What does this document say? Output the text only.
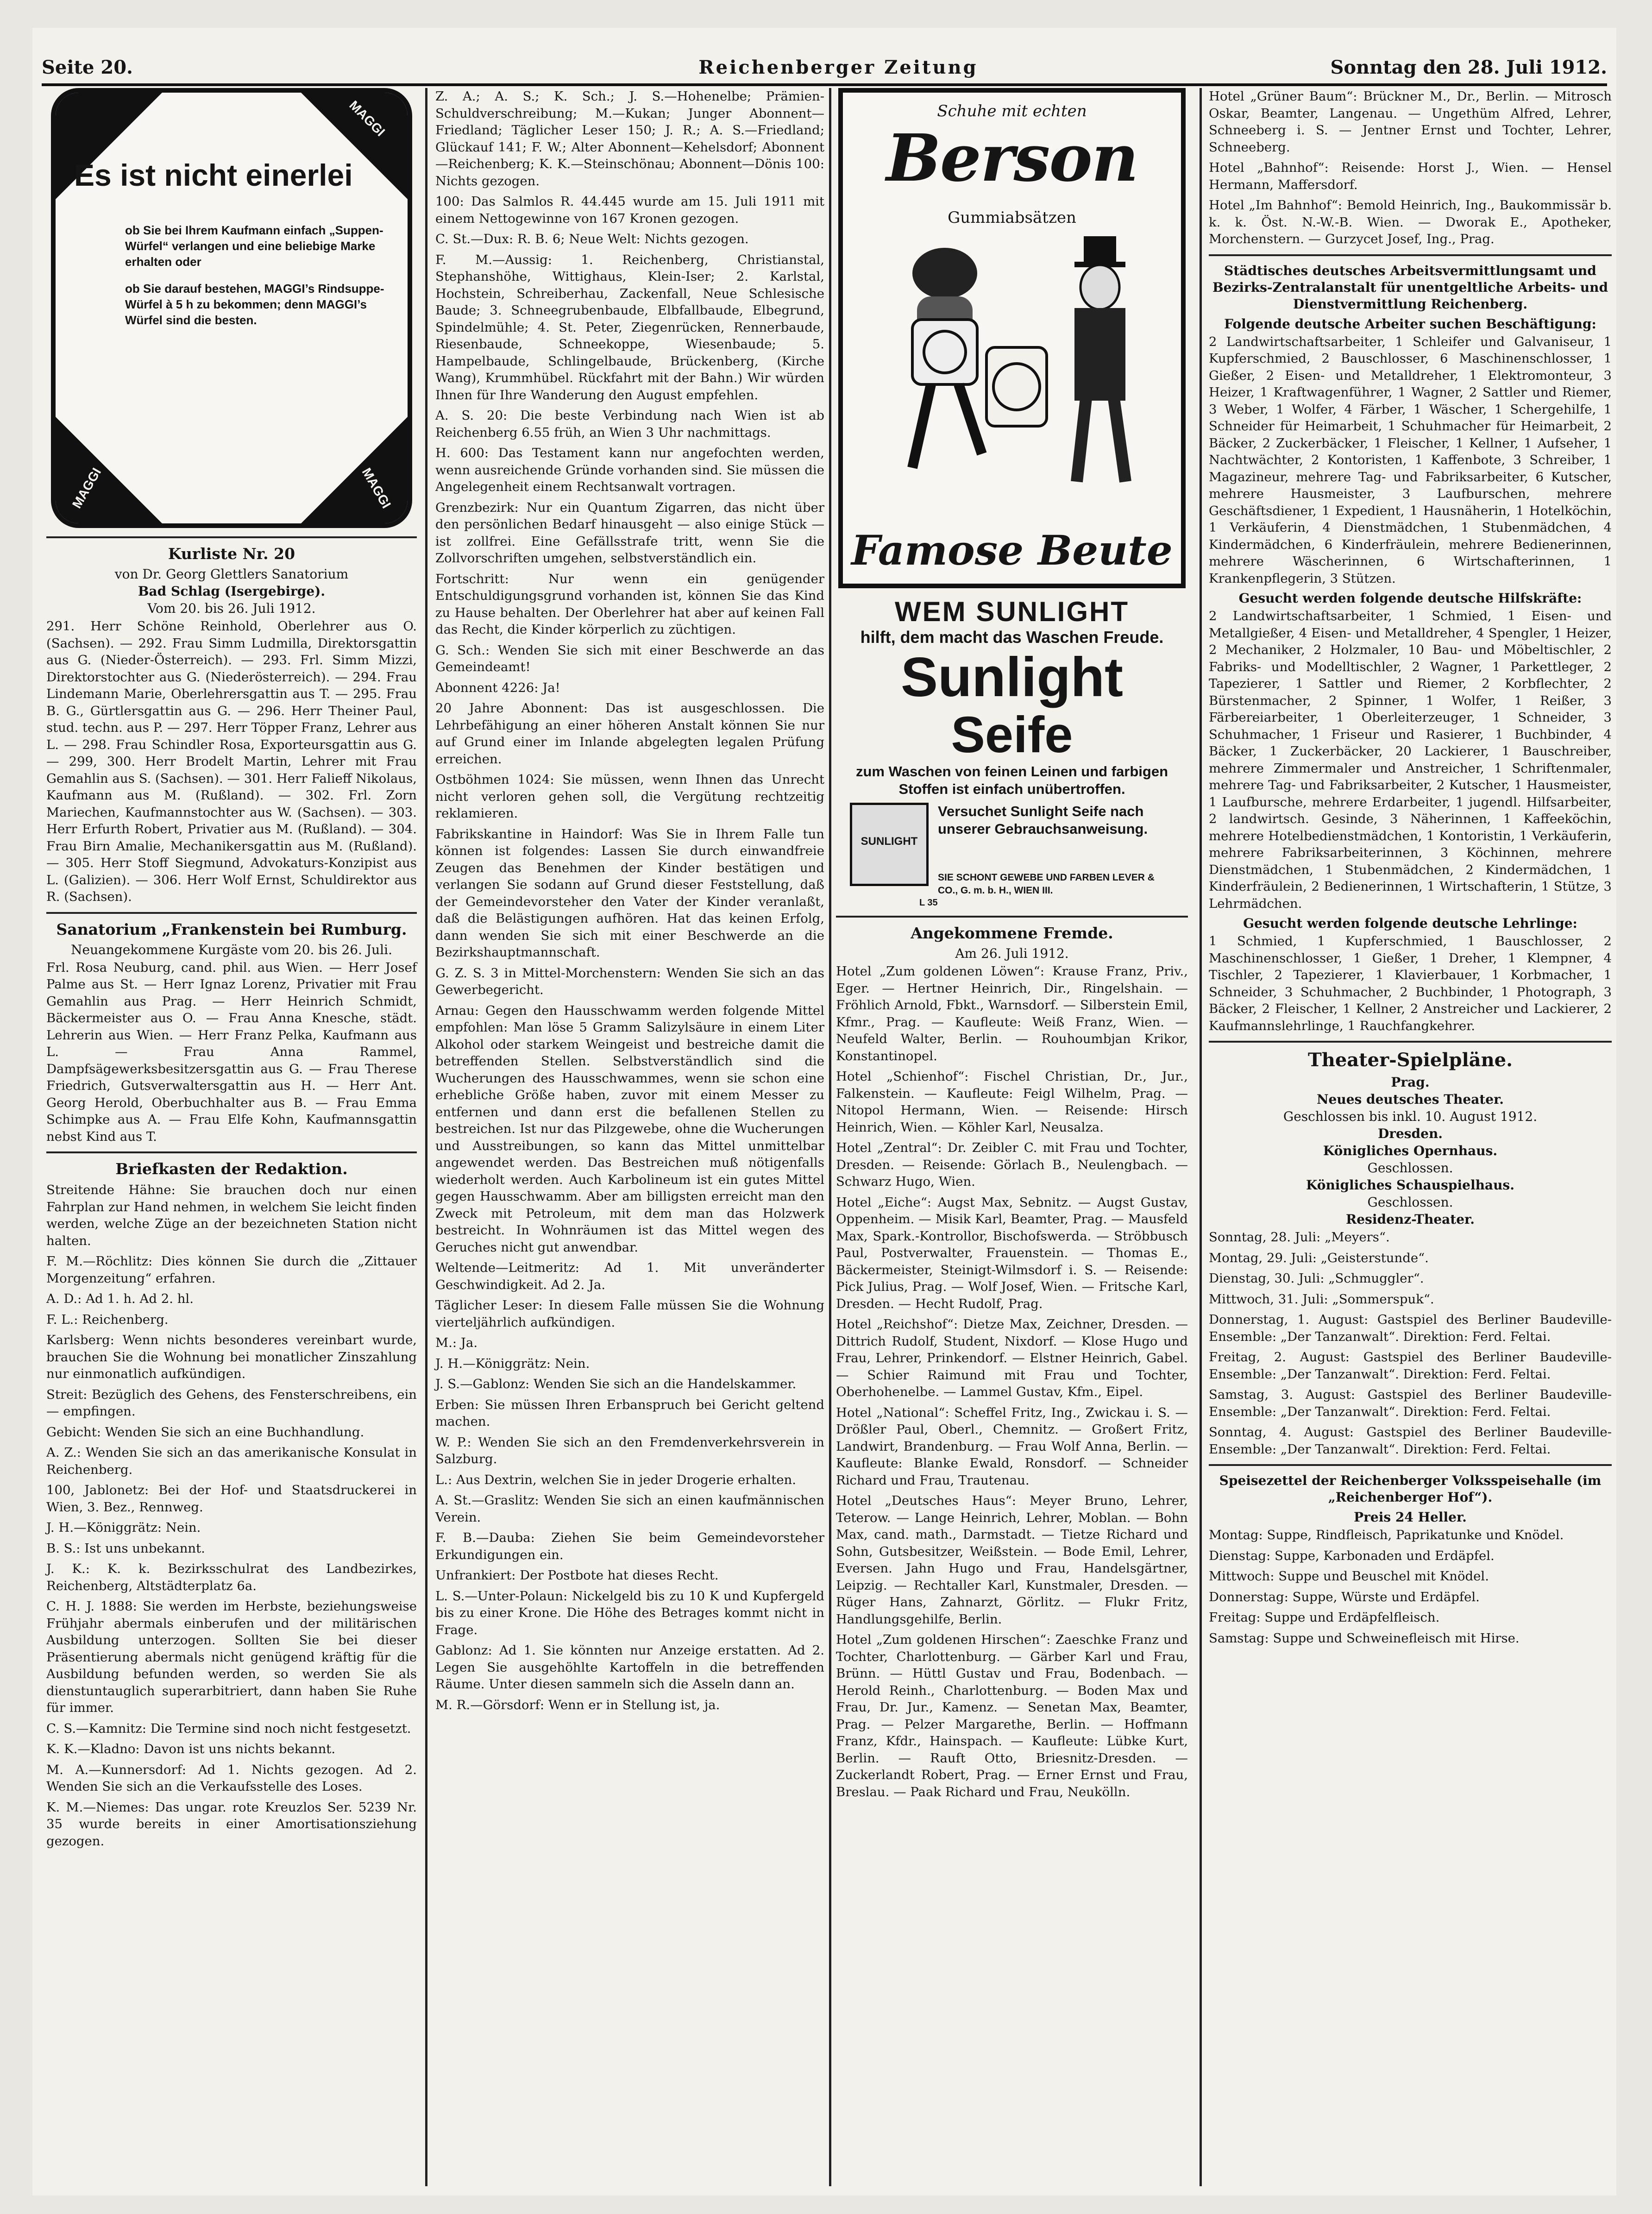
Seite 20.	Reichenberger Zeitung	Sonntag den 28. Juli 1912.
MAGGI
MAGGI	MAGGI
Es ist nicht einerlei
ob Sie bei Ihrem Kaufmann einfach „Suppen-Würfel“ verlangen und eine beliebige Marke erhalten oder
ob Sie darauf bestehen, MAGGI’s Rindsuppe-Würfel à 5 h zu bekommen; denn MAGGI’s Würfel sind die besten.
Kurliste Nr. 20
von Dr. Georg Glettlers Sanatorium
Bad Schlag (Isergebirge).
Vom 20. bis 26. Juli 1912.

291. Herr Schöne Reinhold, Oberlehrer aus O. (Sachsen). — 292. Frau Simm Ludmilla, Direktorsgattin aus G. (Nieder-Österreich). — 293. Frl. Simm Mizzi, Direktorstochter aus G. (Niederösterreich). — 294. Frau Lindemann Marie, Oberlehrersgattin aus T. — 295. Frau B. G., Gürtlersgattin aus G. — 296. Herr Theiner Paul, stud. techn. aus P. — 297. Herr Töpper Franz, Lehrer aus L. — 298. Frau Schindler Rosa, Exporteursgattin aus G. — 299, 300. Herr Brodelt Martin, Lehrer mit Frau Gemahlin aus S. (Sachsen). — 301. Herr Falieff Nikolaus, Kaufmann aus M. (Rußland). — 302. Frl. Zorn Mariechen, Kaufmannstochter aus W. (Sachsen). — 303. Herr Erfurth Robert, Privatier aus M. (Rußland). — 304. Frau Birn Amalie, Mechanikersgattin aus M. (Rußland). — 305. Herr Stoff Siegmund, Advokaturs-Konzipist aus L. (Galizien). — 306. Herr Wolf Ernst, Schuldirektor aus R. (Sachsen).

Sanatorium „Frankenstein bei Rumburg.
Neuangekommene Kurgäste vom 20. bis 26. Juli.

Frl. Rosa Neuburg, cand. phil. aus Wien. — Herr Josef Palme aus St. — Herr Ignaz Lorenz, Privatier mit Frau Gemahlin aus Prag. — Herr Heinrich Schmidt, Bäckermeister aus O. — Frau Anna Knesche, städt. Lehrerin aus Wien. — Herr Franz Pelka, Kaufmann aus L. — Frau Anna Rammel, Dampfsägewerksbesitzersgattin aus G. — Frau Therese Friedrich, Gutsverwaltersgattin aus H. — Herr Ant. Georg Herold, Oberbuchhalter aus B. — Frau Emma Schimpke aus A. — Frau Elfe Kohn, Kaufmannsgattin nebst Kind aus T.

Briefkasten der Redaktion.

Streitende Hähne: Sie brauchen doch nur einen Fahrplan zur Hand nehmen, in welchem Sie leicht finden werden, welche Züge an der bezeichneten Station nicht halten.

F. M.—Röchlitz: Dies können Sie durch die „Zittauer Morgenzeitung“ erfahren.

A. D.: Ad 1. h. Ad 2. hl.

F. L.: Reichenberg.

Karlsberg: Wenn nichts besonderes vereinbart wurde, brauchen Sie die Wohnung bei monatlicher Zinszahlung nur einmonatlich aufkündigen.

Streit: Bezüglich des Gehens, des Fensterschreibens, ein — empfingen.

Gebicht: Wenden Sie sich an eine Buchhandlung.

A. Z.: Wenden Sie sich an das amerikanische Konsulat in Reichenberg.

100, Jablonetz: Bei der Hof- und Staatsdruckerei in Wien, 3. Bez., Rennweg.

J. H.—Königgrätz: Nein.

B. S.: Ist uns unbekannt.

J. K.: K. k. Bezirksschulrat des Landbezirkes, Reichenberg, Altstädterplatz 6a.

C. H. J. 1888: Sie werden im Herbste, beziehungsweise Frühjahr abermals einberufen und der militärischen Ausbildung unterzogen. Sollten Sie bei dieser Präsentierung abermals nicht genügend kräftig für die Ausbildung befunden werden, so werden Sie als dienstuntauglich superarbitriert, dann haben Sie Ruhe für immer.

C. S.—Kamnitz: Die Termine sind noch nicht festgesetzt.

K. K.—Kladno: Davon ist uns nichts bekannt.

M. A.—Kunnersdorf: Ad 1. Nichts gezogen. Ad 2. Wenden Sie sich an die Verkaufsstelle des Loses.

K. M.—Niemes: Das ungar. rote Kreuzlos Ser. 5239 Nr. 35 wurde bereits in einer Amortisationsziehung gezogen.

Z. A.; A. S.; K. Sch.; J. S.—Hohenelbe; Prämien-Schuldverschreibung; M.—Kukan; Junger Abonnent—Friedland; Täglicher Leser 150; J. R.; A. S.—Friedland; Glückauf 141; F. W.; Alter Abonnent—Kehelsdorf; Abonnent—Reichenberg; K. K.—Steinschönau; Abonnent—Dönis 100: Nichts gezogen.

100: Das Salmlos R. 44.445 wurde am 15. Juli 1911 mit einem Nettogewinne von 167 Kronen gezogen.

C. St.—Dux: R. B. 6; Neue Welt: Nichts gezogen.

F. M.—Aussig: 1. Reichenberg, Christianstal, Stephanshöhe, Wittighaus, Klein-Iser; 2. Karlstal, Hochstein, Schreiberhau, Zackenfall, Neue Schlesische Baude; 3. Schneegrubenbaude, Elbfallbaude, Elbegrund, Spindelmühle; 4. St. Peter, Ziegenrücken, Rennerbaude, Riesenbaude, Schneekoppe, Wiesenbaude; 5. Hampelbaude, Schlingelbaude, Brückenberg, (Kirche Wang), Krummhübel. Rückfahrt mit der Bahn.) Wir würden Ihnen für Ihre Wanderung den August empfehlen.

A. S. 20: Die beste Verbindung nach Wien ist ab Reichenberg 6.55 früh, an Wien 3 Uhr nachmittags.

H. 600: Das Testament kann nur angefochten werden, wenn ausreichende Gründe vorhanden sind. Sie müssen die Angelegenheit einem Rechtsanwalt vortragen.

Grenzbezirk: Nur ein Quantum Zigarren, das nicht über den persönlichen Bedarf hinausgeht — also einige Stück — ist zollfrei. Eine Gefällsstrafe tritt, wenn Sie die Zollvorschriften umgehen, selbstverständlich ein.

Fortschritt: Nur wenn ein genügender Entschuldigungsgrund vorhanden ist, können Sie das Kind zu Hause behalten. Der Oberlehrer hat aber auf keinen Fall das Recht, die Kinder körperlich zu züchtigen.

G. Sch.: Wenden Sie sich mit einer Beschwerde an das Gemeindeamt!

Abonnent 4226: Ja!

20 Jahre Abonnent: Das ist ausgeschlossen. Die Lehrbefähigung an einer höheren Anstalt können Sie nur auf Grund einer im Inlande abgelegten legalen Prüfung erreichen.

Ostböhmen 1024: Sie müssen, wenn Ihnen das Unrecht nicht verloren gehen soll, die Vergütung rechtzeitig reklamieren.

Fabrikskantine in Haindorf: Was Sie in Ihrem Falle tun können ist folgendes: Lassen Sie durch einwandfreie Zeugen das Benehmen der Kinder bestätigen und verlangen Sie sodann auf Grund dieser Feststellung, daß der Gemeindevorsteher den Vater der Kinder veranlaßt, daß die Belästigungen aufhören. Hat das keinen Erfolg, dann wenden Sie sich mit einer Beschwerde an die Bezirkshauptmannschaft.

G. Z. S. 3 in Mittel-Morchenstern: Wenden Sie sich an das Gewerbegericht.

Arnau: Gegen den Hausschwamm werden folgende Mittel empfohlen: Man löse 5 Gramm Salizylsäure in einem Liter Alkohol oder starkem Weingeist und bestreiche damit die betreffenden Stellen. Selbstverständlich sind die Wucherungen des Hausschwammes, wenn sie schon eine erhebliche Größe haben, zuvor mit einem Messer zu entfernen und dann erst die befallenen Stellen zu bestreichen. Ist nur das Pilzgewebe, ohne die Wucherungen und Ausstreibungen, so kann das Mittel unmittelbar angewendet werden. Das Bestreichen muß nötigenfalls wiederholt werden. Auch Karbolineum ist ein gutes Mittel gegen Hausschwamm. Aber am billigsten erreicht man den Zweck mit Petroleum, mit dem man das Holzwerk bestreicht. In Wohnräumen ist das Mittel wegen des Geruches nicht gut anwendbar.

Weltende—Leitmeritz: Ad 1. Mit unveränderter Geschwindigkeit. Ad 2. Ja.

Täglicher Leser: In diesem Falle müssen Sie die Wohnung vierteljährlich aufkündigen.

M.: Ja.

J. H.—Königgrätz: Nein.

J. S.—Gablonz: Wenden Sie sich an die Handelskammer.

Erben: Sie müssen Ihren Erbanspruch bei Gericht geltend machen.

W. P.: Wenden Sie sich an den Fremdenverkehrsverein in Salzburg.

L.: Aus Dextrin, welchen Sie in jeder Drogerie erhalten.

A. St.—Graslitz: Wenden Sie sich an einen kaufmännischen Verein.

F. B.—Dauba: Ziehen Sie beim Gemeindevorsteher Erkundigungen ein.

Unfrankiert: Der Postbote hat dieses Recht.

L. S.—Unter-Polaun: Nickelgeld bis zu 10 K und Kupfergeld bis zu einer Krone. Die Höhe des Betrages kommt nicht in Frage.

Gablonz: Ad 1. Sie könnten nur Anzeige erstatten. Ad 2. Legen Sie ausgehöhlte Kartoffeln in die betreffenden Räume. Unter diesen sammeln sich die Asseln dann an.

M. R.—Görsdorf: Wenn er in Stellung ist, ja.

Schuhe mit echten
Berson
Gummiabsätzen
Famose Beute
WEM SUNLIGHT
hilft, dem macht das Waschen Freude.
Sunlight
Seife
zum Waschen von feinen Leinen und farbigen Stoffen ist einfach unübertroffen.
SUNLIGHT
Versuchet Sunlight Seife nach unserer Gebrauchsanweisung.
SIE SCHONT GEWEBE UND FARBEN LEVER & CO., G. m. b. H., WIEN III.
L 35
Angekommene Fremde.
Am 26. Juli 1912.

Hotel „Zum goldenen Löwen“: Krause Franz, Priv., Eger. — Hertner Heinrich, Dir., Ringelshain. — Fröhlich Arnold, Fbkt., Warnsdorf. — Silberstein Emil, Kfmr., Prag. — Kaufleute: Weiß Franz, Wien. — Neufeld Walter, Berlin. — Rouhoumbjan Krikor, Konstantinopel.

Hotel „Schienhof“: Fischel Christian, Dr., Jur., Falkenstein. — Kaufleute: Feigl Wilhelm, Prag. — Nitopol Hermann, Wien. — Reisende: Hirsch Heinrich, Wien. — Köhler Karl, Neusalza.

Hotel „Zentral“: Dr. Zeibler C. mit Frau und Tochter, Dresden. — Reisende: Görlach B., Neulengbach. — Schwarz Hugo, Wien.

Hotel „Eiche“: Augst Max, Sebnitz. — Augst Gustav, Oppenheim. — Misik Karl, Beamter, Prag. — Mausfeld Max, Spark.-Kontrollor, Bischofswerda. — Ströbbusch Paul, Postverwalter, Frauenstein. — Thomas E., Bäckermeister, Steinigt-Wilmsdorf i. S. — Reisende: Pick Julius, Prag. — Wolf Josef, Wien. — Fritsche Karl, Dresden. — Hecht Rudolf, Prag.

Hotel „Reichshof“: Dietze Max, Zeichner, Dresden. — Dittrich Rudolf, Student, Nixdorf. — Klose Hugo und Frau, Lehrer, Prinkendorf. — Elstner Heinrich, Gabel. — Schier Raimund mit Frau und Tochter, Oberhohenelbe. — Lammel Gustav, Kfm., Eipel.

Hotel „National“: Scheffel Fritz, Ing., Zwickau i. S. — Drößler Paul, Oberl., Chemnitz. — Großert Fritz, Landwirt, Brandenburg. — Frau Wolf Anna, Berlin. — Kaufleute: Blanke Ewald, Ronsdorf. — Schneider Richard und Frau, Trautenau.

Hotel „Deutsches Haus“: Meyer Bruno, Lehrer, Teterow. — Lange Heinrich, Lehrer, Moblan. — Bohn Max, cand. math., Darmstadt. — Tietze Richard und Sohn, Gutsbesitzer, Weißstein. — Bode Emil, Lehrer, Eversen. Jahn Hugo und Frau, Handelsgärtner, Leipzig. — Rechtaller Karl, Kunstmaler, Dresden. — Rüger Hans, Zahnarzt, Görlitz. — Flukr Fritz, Handlungsgehilfe, Berlin.

Hotel „Zum goldenen Hirschen“: Zaeschke Franz und Tochter, Charlottenburg. — Gärber Karl und Frau, Brünn. — Hüttl Gustav und Frau, Bodenbach. — Herold Reinh., Charlottenburg. — Boden Max und Frau, Dr. Jur., Kamenz. — Senetan Max, Beamter, Prag. — Pelzer Margarethe, Berlin. — Hoffmann Franz, Kfdr., Hainspach. — Kaufleute: Lübke Kurt, Berlin. — Rauft Otto, Briesnitz-Dresden. — Zuckerlandt Robert, Prag. — Erner Ernst und Frau, Breslau. — Paak Richard und Frau, Neukölln.

Hotel „Grüner Baum“: Brückner M., Dr., Berlin. — Mitrosch Oskar, Beamter, Langenau. — Ungethüm Alfred, Lehrer, Schneeberg i. S. — Jentner Ernst und Tochter, Lehrer, Schneeberg.

Hotel „Bahnhof“: Reisende: Horst J., Wien. — Hensel Hermann, Maffersdorf.

Hotel „Im Bahnhof“: Bemold Heinrich, Ing., Baukommissär b. k. k. Öst. N.-W.-B. Wien. — Dworak E., Apotheker, Morchenstern. — Gurzycet Josef, Ing., Prag.

Städtisches deutsches Arbeitsvermittlungsamt und Bezirks-Zentralanstalt für unentgeltliche Arbeits- und Dienstvermittlung Reichenberg.
Folgende deutsche Arbeiter suchen Beschäftigung:

2 Landwirtschaftsarbeiter, 1 Schleifer und Galvaniseur, 1 Kupferschmied, 2 Bauschlosser, 6 Maschinenschlosser, 1 Gießer, 2 Eisen- und Metalldreher, 1 Elektromonteur, 3 Heizer, 1 Kraftwagenführer, 1 Wagner, 2 Sattler und Riemer, 3 Weber, 1 Wolfer, 4 Färber, 1 Wäscher, 1 Schergehilfe, 1 Schneider für Heimarbeit, 1 Schuhmacher für Heimarbeit, 2 Bäcker, 2 Zuckerbäcker, 1 Fleischer, 1 Kellner, 1 Aufseher, 1 Nachtwächter, 2 Kontoristen, 1 Kaffenbote, 3 Schreiber, 1 Magazineur, mehrere Tag- und Fabriksarbeiter, 6 Kutscher, mehrere Hausmeister, 3 Laufburschen, mehrere Geschäftsdiener, 1 Expedient, 1 Hausnäherin, 1 Hotelköchin, 1 Verkäuferin, 4 Dienstmädchen, 1 Stubenmädchen, 4 Kindermädchen, 6 Kinderfräulein, mehrere Bedienerinnen, mehrere Wäscherinnen, 6 Wirtschafterinnen, 1 Krankenpflegerin, 3 Stützen.

Gesucht werden folgende deutsche Hilfskräfte:

2 Landwirtschaftsarbeiter, 1 Schmied, 1 Eisen- und Metallgießer, 4 Eisen- und Metalldreher, 4 Spengler, 1 Heizer, 2 Mechaniker, 2 Holzmaler, 10 Bau- und Möbeltischler, 2 Fabriks- und Modelltischler, 2 Wagner, 1 Parkettleger, 2 Tapezierer, 1 Sattler und Riemer, 2 Korbflechter, 2 Bürstenmacher, 2 Spinner, 1 Wolfer, 1 Reißer, 3 Färbereiarbeiter, 1 Oberleiterzeuger, 1 Schneider, 3 Schuhmacher, 1 Friseur und Rasierer, 1 Buchbinder, 4 Bäcker, 1 Zuckerbäcker, 20 Lackierer, 1 Bauschreiber, mehrere Zimmermaler und Anstreicher, 1 Schriftenmaler, mehrere Tag- und Fabriksarbeiter, 2 Kutscher, 1 Hausmeister, 1 Laufbursche, mehrere Erdarbeiter, 1 jugendl. Hilfsarbeiter, 2 landwirtsch. Gesinde, 3 Näherinnen, 1 Kaffeeköchin, mehrere Hotelbedienstmädchen, 1 Kontoristin, 1 Verkäuferin, mehrere Fabriksarbeiterinnen, 3 Köchinnen, mehrere Dienstmädchen, 1 Stubenmädchen, 2 Kindermädchen, 1 Kinderfräulein, 2 Bedienerinnen, 1 Wirtschafterin, 1 Stütze, 3 Lehrmädchen.

Gesucht werden folgende deutsche Lehrlinge:

1 Schmied, 1 Kupferschmied, 1 Bauschlosser, 2 Maschinenschlosser, 1 Gießer, 1 Dreher, 1 Klempner, 4 Tischler, 2 Tapezierer, 1 Klavierbauer, 1 Korbmacher, 1 Schneider, 3 Schuhmacher, 2 Buchbinder, 1 Photograph, 3 Bäcker, 2 Fleischer, 1 Kellner, 2 Anstreicher und Lackierer, 2 Kaufmannslehrlinge, 1 Rauchfangkehrer.

Theater-Spielpläne.
Prag.
Neues deutsches Theater.
Geschlossen bis inkl. 10. August 1912.
Dresden.
Königliches Opernhaus.
Geschlossen.
Königliches Schauspielhaus.
Geschlossen.
Residenz-Theater.

Sonntag, 28. Juli: „Meyers“.

Montag, 29. Juli: „Geisterstunde“.

Dienstag, 30. Juli: „Schmuggler“.

Mittwoch, 31. Juli: „Sommerspuk“.

Donnerstag, 1. August: Gastspiel des Berliner Baudeville-Ensemble: „Der Tanzanwalt“. Direktion: Ferd. Feltai.

Freitag, 2. August: Gastspiel des Berliner Baudeville-Ensemble: „Der Tanzanwalt“. Direktion: Ferd. Feltai.

Samstag, 3. August: Gastspiel des Berliner Baudeville-Ensemble: „Der Tanzanwalt“. Direktion: Ferd. Feltai.

Sonntag, 4. August: Gastspiel des Berliner Baudeville-Ensemble: „Der Tanzanwalt“. Direktion: Ferd. Feltai.

Speisezettel der Reichenberger Volksspeisehalle (im „Reichenberger Hof“).
Preis 24 Heller.

Montag: Suppe, Rindfleisch, Paprikatunke und Knödel.

Dienstag: Suppe, Karbonaden und Erdäpfel.

Mittwoch: Suppe und Beuschel mit Knödel.

Donnerstag: Suppe, Würste und Erdäpfel.

Freitag: Suppe und Erdäpfelfleisch.

Samstag: Suppe und Schweinefleisch mit Hirse.
